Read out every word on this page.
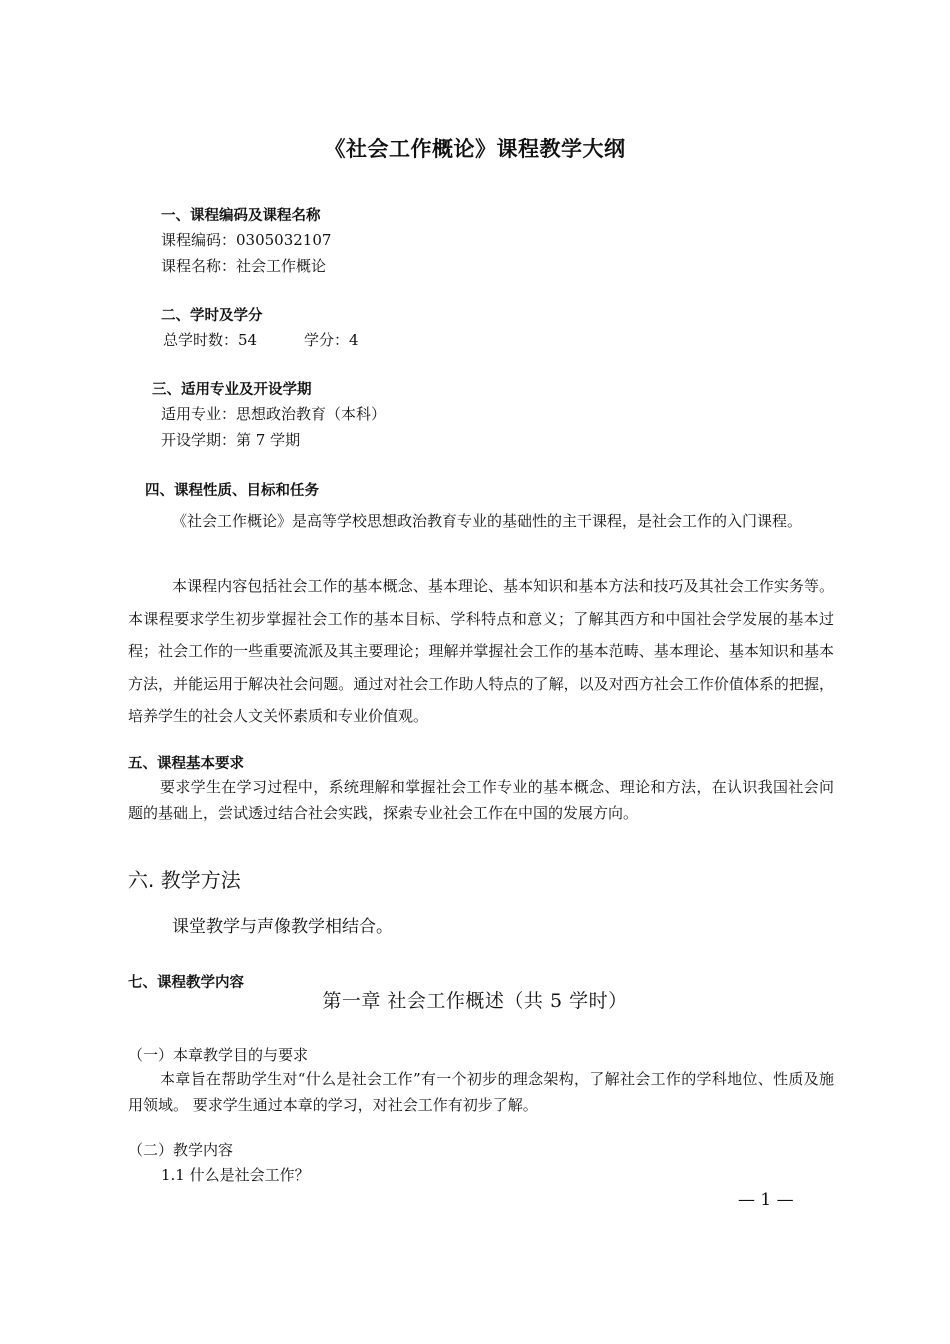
《社会工作概论》课程教学大纲
一、课程编码及课程名称
课程编码：0305032107
课程名称：社会工作概论
二、学时及学分
总学时数：54	学分：4
三、适用专业及开设学期
适用专业：思想政治教育（本科）
开设学期：第 7 学期
四、课程性质、目标和任务
《社会工作概论》是高等学校思想政治教育专业的基础性的主干课程，是社会工作的入门课程。
本课程内容包括社会工作的基本概念、基本理论、基本知识和基本方法和技巧及其社会工作实务等。本课程要求学生初步掌握社会工作的基本目标、学科特点和意义；了解其西方和中国社会学发展的基本过程；社会工作的一些重要流派及其主要理论；理解并掌握社会工作的基本范畴、基本理论、基本知识和基本方法，并能运用于解决社会问题。通过对社会工作助人特点的了解，以及对西方社会工作价值体系的把握，培养学生的社会人文关怀素质和专业价值观。
五、课程基本要求
要求学生在学习过程中，系统理解和掌握社会工作专业的基本概念、理论和方法，在认识我国社会问题的基础上，尝试透过结合社会实践，探索专业社会工作在中国的发展方向。
六. 教学方法
课堂教学与声像教学相结合。
七、课程教学内容
第一章 社会工作概述（共 5 学时）
（一）本章教学目的与要求
本章旨在帮助学生对“什么是社会工作”有一个初步的理念架构，了解社会工作的学科地位、性质及施用领域。 要求学生通过本章的学习，对社会工作有初步了解。
（二）教学内容
1.1 什么是社会工作？
— 1 —
